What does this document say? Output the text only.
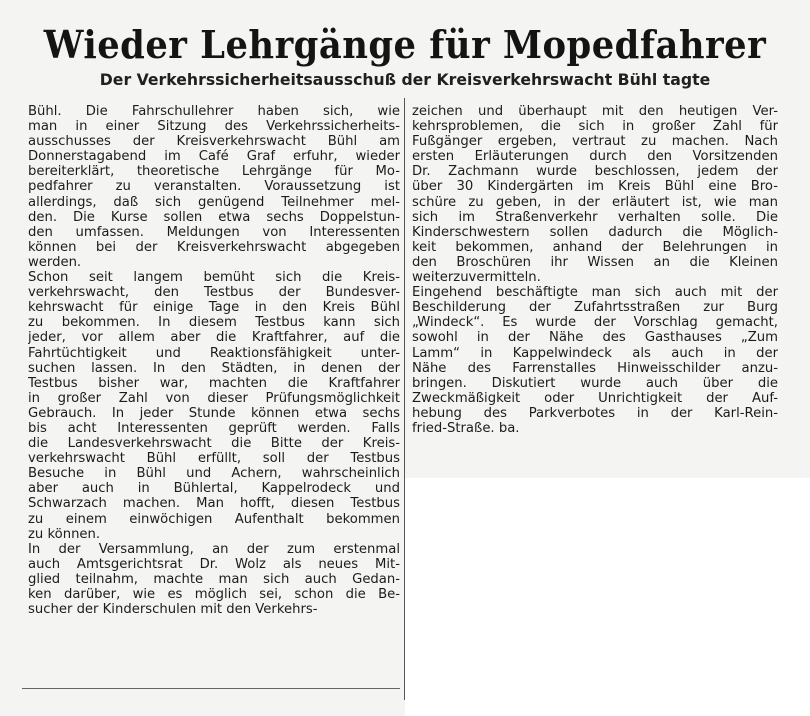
Wieder Lehrgänge für Mopedfahrer
Der Verkehrssicherheitsausschuß der Kreisverkehrswacht Bühl tagte
Bühl. Die Fahrschullehrer haben sich, wie
man in einer Sitzung des Verkehrssicherheits-
ausschusses der Kreisverkehrswacht Bühl am
Donnerstagabend im Café Graf erfuhr, wieder
bereiterklärt, theoretische Lehrgänge für Mo-
pedfahrer zu veranstalten. Voraussetzung ist
allerdings, daß sich genügend Teilnehmer mel-
den. Die Kurse sollen etwa sechs Doppelstun-
den umfassen. Meldungen von Interessenten
können bei der Kreisverkehrswacht abgegeben
werden.
Schon seit langem bemüht sich die Kreis-
verkehrswacht, den Testbus der Bundesver-
kehrswacht für einige Tage in den Kreis Bühl
zu bekommen. In diesem Testbus kann sich
jeder, vor allem aber die Kraftfahrer, auf die
Fahrtüchtigkeit und Reaktionsfähigkeit unter-
suchen lassen. In den Städten, in denen der
Testbus bisher war, machten die Kraftfahrer
in großer Zahl von dieser Prüfungsmöglichkeit
Gebrauch. In jeder Stunde können etwa sechs
bis acht Interessenten geprüft werden. Falls
die Landesverkehrswacht die Bitte der Kreis-
verkehrswacht Bühl erfüllt, soll der Testbus
Besuche in Bühl und Achern, wahrscheinlich
aber auch in Bühlertal, Kappelrodeck und
Schwarzach machen. Man hofft, diesen Testbus
zu einem einwöchigen Aufenthalt bekommen
zu können.
In der Versammlung, an der zum erstenmal
auch Amtsgerichtsrat Dr. Wolz als neues Mit-
glied teilnahm, machte man sich auch Gedan-
ken darüber, wie es möglich sei, schon die Be-
sucher der Kinderschulen mit den Verkehrs-
zeichen und überhaupt mit den heutigen Ver-
kehrsproblemen, die sich in großer Zahl für
Fußgänger ergeben, vertraut zu machen. Nach
ersten Erläuterungen durch den Vorsitzenden
Dr. Zachmann wurde beschlossen, jedem der
über 30 Kindergärten im Kreis Bühl eine Bro-
schüre zu geben, in der erläutert ist, wie man
sich im Straßenverkehr verhalten solle. Die
Kinderschwestern sollen dadurch die Möglich-
keit bekommen, anhand der Belehrungen in
den Broschüren ihr Wissen an die Kleinen
weiterzuvermitteln.
Eingehend beschäftigte man sich auch mit der
Beschilderung der Zufahrtsstraßen zur Burg
„Windeck“. Es wurde der Vorschlag gemacht,
sowohl in der Nähe des Gasthauses „Zum
Lamm“ in Kappelwindeck als auch in der
Nähe des Farrenstalles Hinweisschilder anzu-
bringen. Diskutiert wurde auch über die
Zweckmäßigkeit oder Unrichtigkeit der Auf-
hebung des Parkverbotes in der Karl-Rein-
fried-Straße. ba.
